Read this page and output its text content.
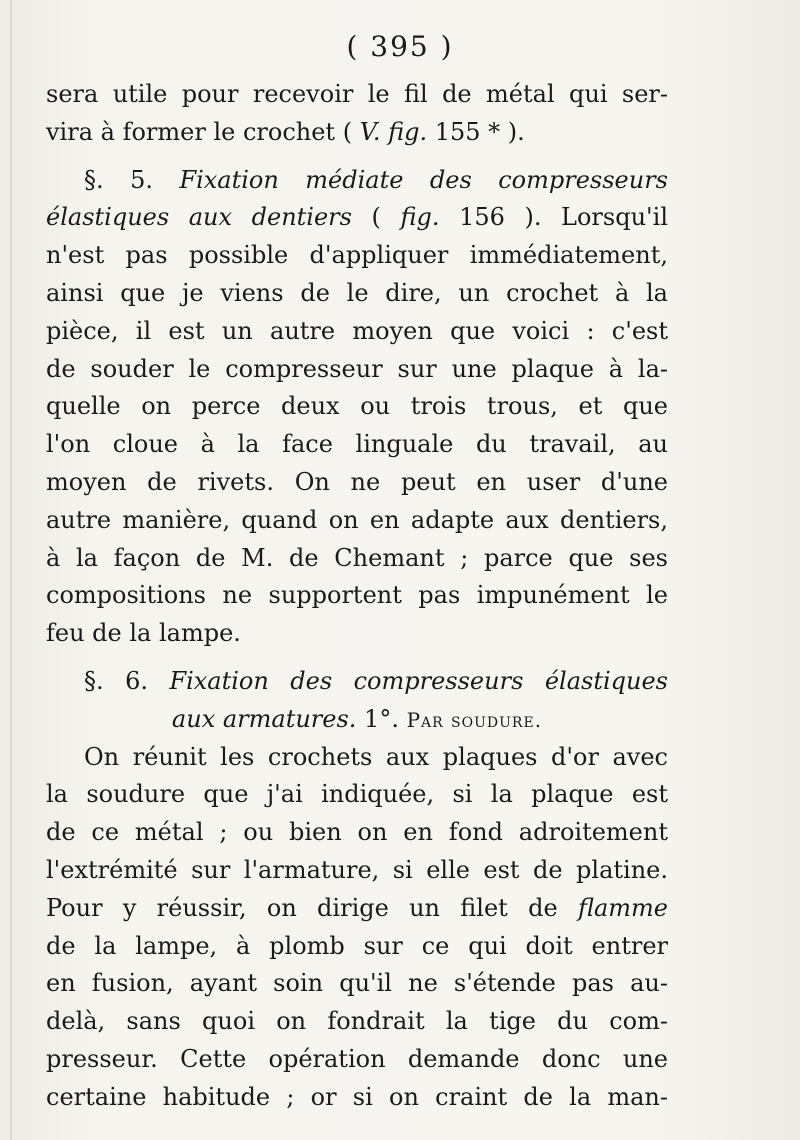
( 395 )
sera utile pour recevoir le fil de métal qui ser-
vira à former le crochet ( V. fig. 155 * ).
§. 5. Fixation médiate des compresseurs
élastiques aux dentiers ( fig. 156 ). Lorsqu'il
n'est pas possible d'appliquer immédiatement,
ainsi que je viens de le dire, un crochet à la
pièce, il est un autre moyen que voici : c'est
de souder le compresseur sur une plaque à la-
quelle on perce deux ou trois trous, et que
l'on cloue à la face linguale du travail, au
moyen de rivets. On ne peut en user d'une
autre manière, quand on en adapte aux dentiers,
à la façon de M. de Chemant ; parce que ses
compositions ne supportent pas impunément le
feu de la lampe.
§. 6. Fixation des compresseurs élastiques
aux armatures. 1°. Par soudure.
On réunit les crochets aux plaques d'or avec
la soudure que j'ai indiquée, si la plaque est
de ce métal ; ou bien on en fond adroitement
l'extrémité sur l'armature, si elle est de platine.
Pour y réussir, on dirige un filet de flamme
de la lampe, à plomb sur ce qui doit entrer
en fusion, ayant soin qu'il ne s'étende pas au-
delà, sans quoi on fondrait la tige du com-
presseur. Cette opération demande donc une
certaine habitude ; or si on craint de la man-
